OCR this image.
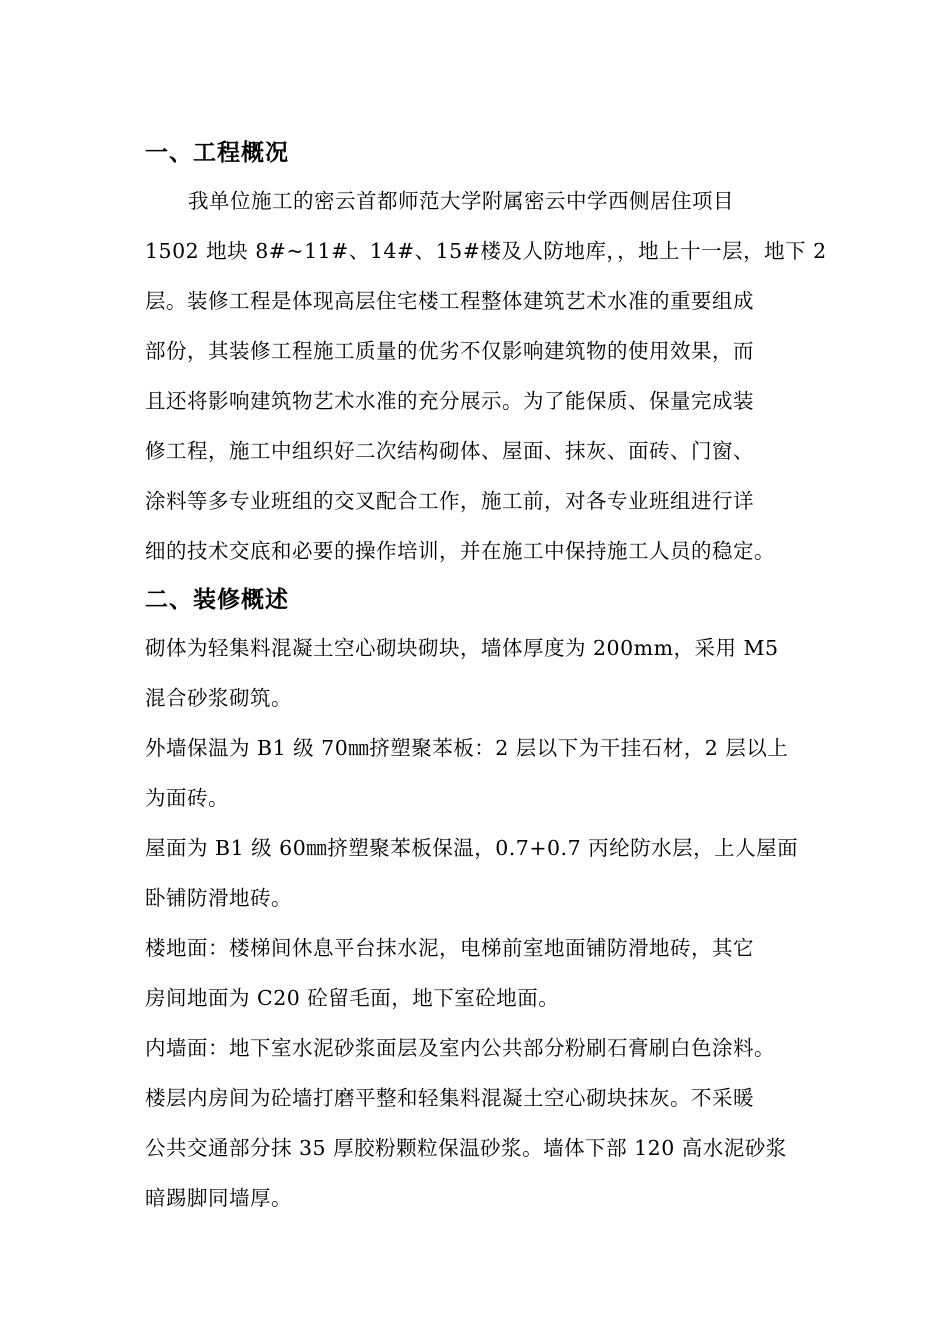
一、工程概况
我单位施工的密云首都师范大学附属密云中学西侧居住项目
1502 地块 8#~11#、14#、15#楼及人防地库，，地上十一层，地下 2
层。装修工程是体现高层住宅楼工程整体建筑艺术水准的重要组成
部份，其装修工程施工质量的优劣不仅影响建筑物的使用效果，而
且还将影响建筑物艺术水准的充分展示。为了能保质、保量完成装
修工程，施工中组织好二次结构砌体、屋面、抹灰、面砖、门窗、
涂料等多专业班组的交叉配合工作，施工前，对各专业班组进行详
细的技术交底和必要的操作培训，并在施工中保持施工人员的稳定。
二、装修概述
砌体为轻集料混凝土空心砌块砌块，墙体厚度为 200mm，采用 M5
混合砂浆砌筑。
外墙保温为 B1 级 70㎜挤塑聚苯板：2 层以下为干挂石材，2 层以上
为面砖。
屋面为 B1 级 60㎜挤塑聚苯板保温，0.7+0.7 丙纶防水层，上人屋面
卧铺防滑地砖。
楼地面：楼梯间休息平台抹水泥，电梯前室地面铺防滑地砖，其它
房间地面为 C20 砼留毛面，地下室砼地面。
内墙面：地下室水泥砂浆面层及室内公共部分粉刷石膏刷白色涂料。
楼层内房间为砼墙打磨平整和轻集料混凝土空心砌块抹灰。不采暖
公共交通部分抹 35 厚胶粉颗粒保温砂浆。墙体下部 120 高水泥砂浆
暗踢脚同墙厚。
